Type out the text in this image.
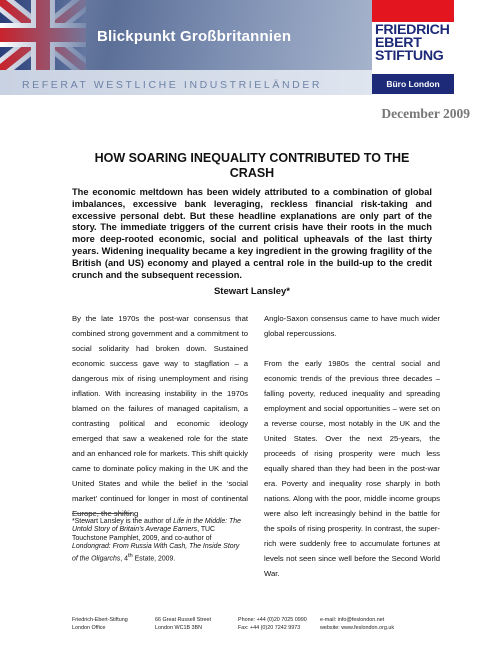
Blickpunkt Großbritannien
REFERAT WESTLICHE INDUSTRIELÄNDER
FRIEDRICH
EBERT
STIFTUNG
Büro London
December 2009
HOW SOARING INEQUALITY CONTRIBUTED TO THE CRASH

The economic meltdown has been widely attributed to a combination of global imbalances, excessive bank leveraging, reckless financial risk-taking and excessive personal debt. But these headline explanations are only part of the story. The immediate triggers of the current crisis have their roots in the much more deep-rooted economic, social and political upheavals of the last thirty years. Widening inequality became a key ingredient in the growing fragility of the British (and US) economy and played a central role in the build-up to the credit crunch and the subsequent recession.

Stewart Lansley*

By the late 1970s the post-war consensus that combined strong government and a commitment to social solidarity had broken down. Sustained economic success gave way to stagflation – a dangerous mix of rising unemployment and rising inflation. With increasing instability in the 1970s blamed on the failures of managed capitalism, a contrasting political and economic ideology emerged that saw a weakened role for the state and an enhanced role for markets. This shift quickly came to dominate policy making in the UK and the United States and while the belief in the ‘social market’ continued for longer in most of continental Europe, the shifting

Anglo-Saxon consensus came to have much wider global repercussions.

From the early 1980s the central social and economic trends of the previous three decades – falling poverty, reduced inequality and spreading employment and social opportunities – were set on a reverse course, most notably in the UK and the United States. Over the next 25-years, the proceeds of rising prosperity were much less equally shared than they had been in the post-war era. Poverty and inequality rose sharply in both nations. Along with the poor, middle income groups were also left increasingly behind in the battle for the spoils of rising prosperity. In contrast, the super-rich were suddenly free to accumulate fortunes at levels not seen since well before the Second World War.

*Stewart Lansley is the author of Life in the Middle: The Untold Story of Britain’s Average Earners, TUC Touchstone Pamphlet, 2009, and co-author of Londongrad: From Russia With Cash, The Inside Story of the Oligarchs, 4th Estate, 2009.

Friedrich-Ebert-Stiftung
London Office
66 Great Russell Street
London WC1B 3BN
Phone: +44 (0)20 7025 0990
Fax: +44 (0)20 7242 9973
e-mail: info@feslondon.net
website: www.feslondon.org.uk
